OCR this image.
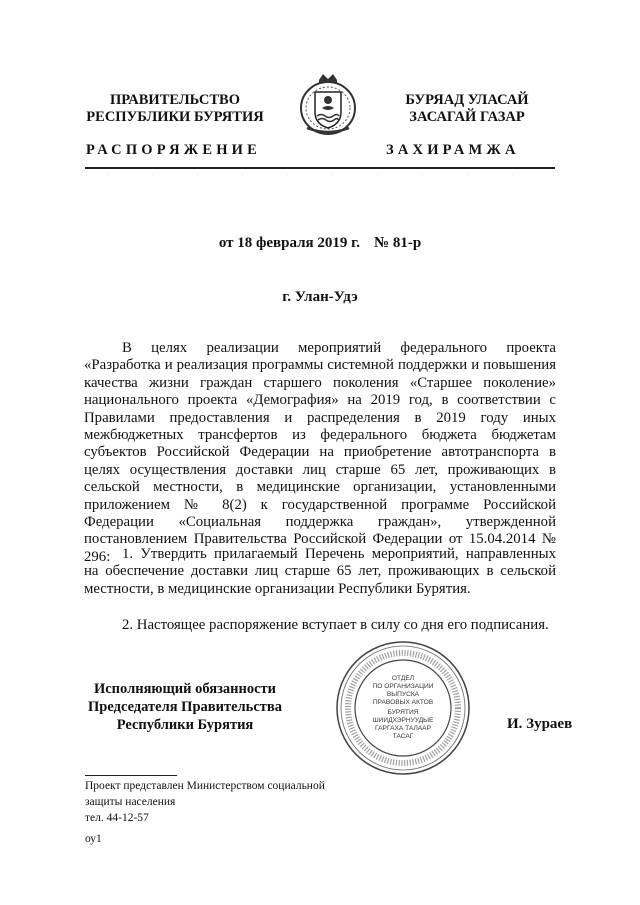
ПРАВИТЕЛЬСТВО
РЕСПУБЛИКИ БУРЯТИЯ
БУРЯАД УЛАСАЙ
ЗАСАГАЙ ГАЗАР
РАСПОРЯЖЕНИЕ	ЗАХИРАМЖА
от 18 февраля 2019 г. № 81-р
г. Улан-Удэ

В целях реализации мероприятий федерального проекта «Разработка и реализация программы системной поддержки и повышения качества жизни граждан старшего поколения «Старшее поколение» национального проекта «Демография» на 2019 год, в соответствии с Правилами предоставления и распределения в 2019 году иных межбюджетных трансфертов из федерального бюджета бюджетам субъектов Российской Федерации на приобретение автотранспорта в целях осуществления доставки лиц старше 65 лет, проживающих в сельской местности, в медицинские организации, установленными приложением № 8(2) к государственной программе Российской Федерации «Социальная поддержка граждан», утвержденной постановлением Правительства Российской Федерации от 15.04.2014 № 296: 1. Утвердить прилагаемый Перечень мероприятий, направленных на обеспечение доставки лиц старше 65 лет, проживающих в сельской местности, в медицинские организации Республики Бурятия.

2. Настоящее распоряжение вступает в силу со дня его подписания.

ОТДЕЛ
ПО ОРГАНИЗАЦИИ
ВЫПУСКА
ПРАВОВЫХ АКТОВ
БУРЯТИЯ
ШИИДХЭРНУУДЫЕ
ГАРГАХА ТАЛААР
ТАСАГ
Исполняющий обязанности
Председателя Правительства
Республики Бурятия	И. Зураев
Проект представлен Министерством социальной
защиты населения
тел. 44-12-57
оу1
